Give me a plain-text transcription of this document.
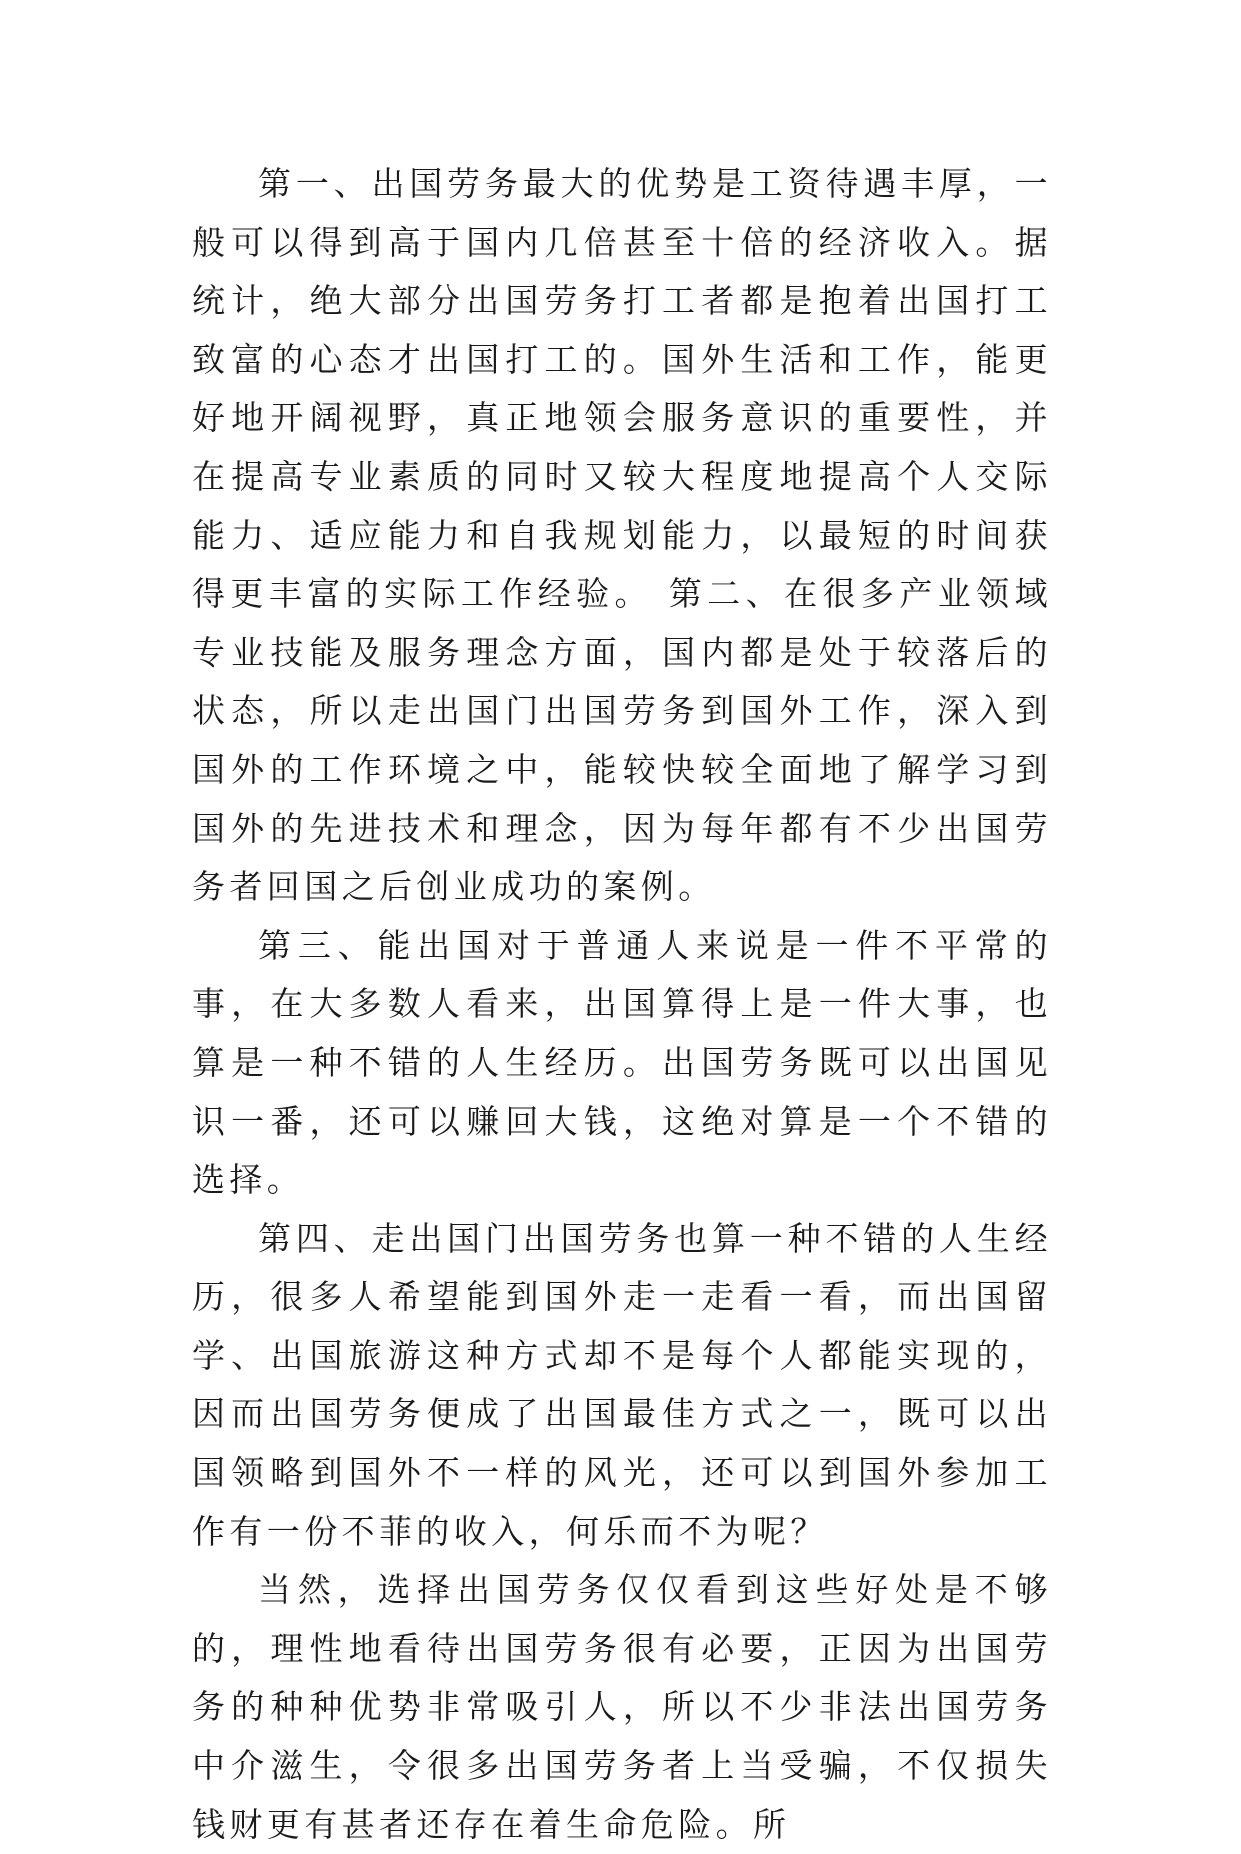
第一、出国劳务最大的优势是工资待遇丰厚，一般可以得到高于国内几倍甚至十倍的经济收入。据统计，绝大部分出国劳务打工者都是抱着出国打工致富的心态才出国打工的。国外生活和工作，能更好地开阔视野，真正地领会服务意识的重要性，并在提高专业素质的同时又较大程度地提高个人交际能力、适应能力和自我规划能力，以最短的时间获得更丰富的实际工作经验。 第二、在很多产业领域专业技能及服务理念方面，国内都是处于较落后的状态，所以走出国门出国劳务到国外工作，深入到国外的工作环境之中，能较快较全面地了解学习到国外的先进技术和理念，因为每年都有不少出国劳务者回国之后创业成功的案例。

第三、能出国对于普通人来说是一件不平常的事，在大多数人看来，出国算得上是一件大事，也算是一种不错的人生经历。出国劳务既可以出国见识一番，还可以赚回大钱，这绝对算是一个不错的选择。

第四、走出国门出国劳务也算一种不错的人生经历，很多人希望能到国外走一走看一看，而出国留学、出国旅游这种方式却不是每个人都能实现的，因而出国劳务便成了出国最佳方式之一，既可以出国领略到国外不一样的风光，还可以到国外参加工作有一份不菲的收入，何乐而不为呢？

当然，选择出国劳务仅仅看到这些好处是不够的，理性地看待出国劳务很有必要，正因为出国劳务的种种优势非常吸引人，所以不少非法出国劳务中介滋生，令很多出国劳务者上当受骗，不仅损失钱财更有甚者还存在着生命危险。所
